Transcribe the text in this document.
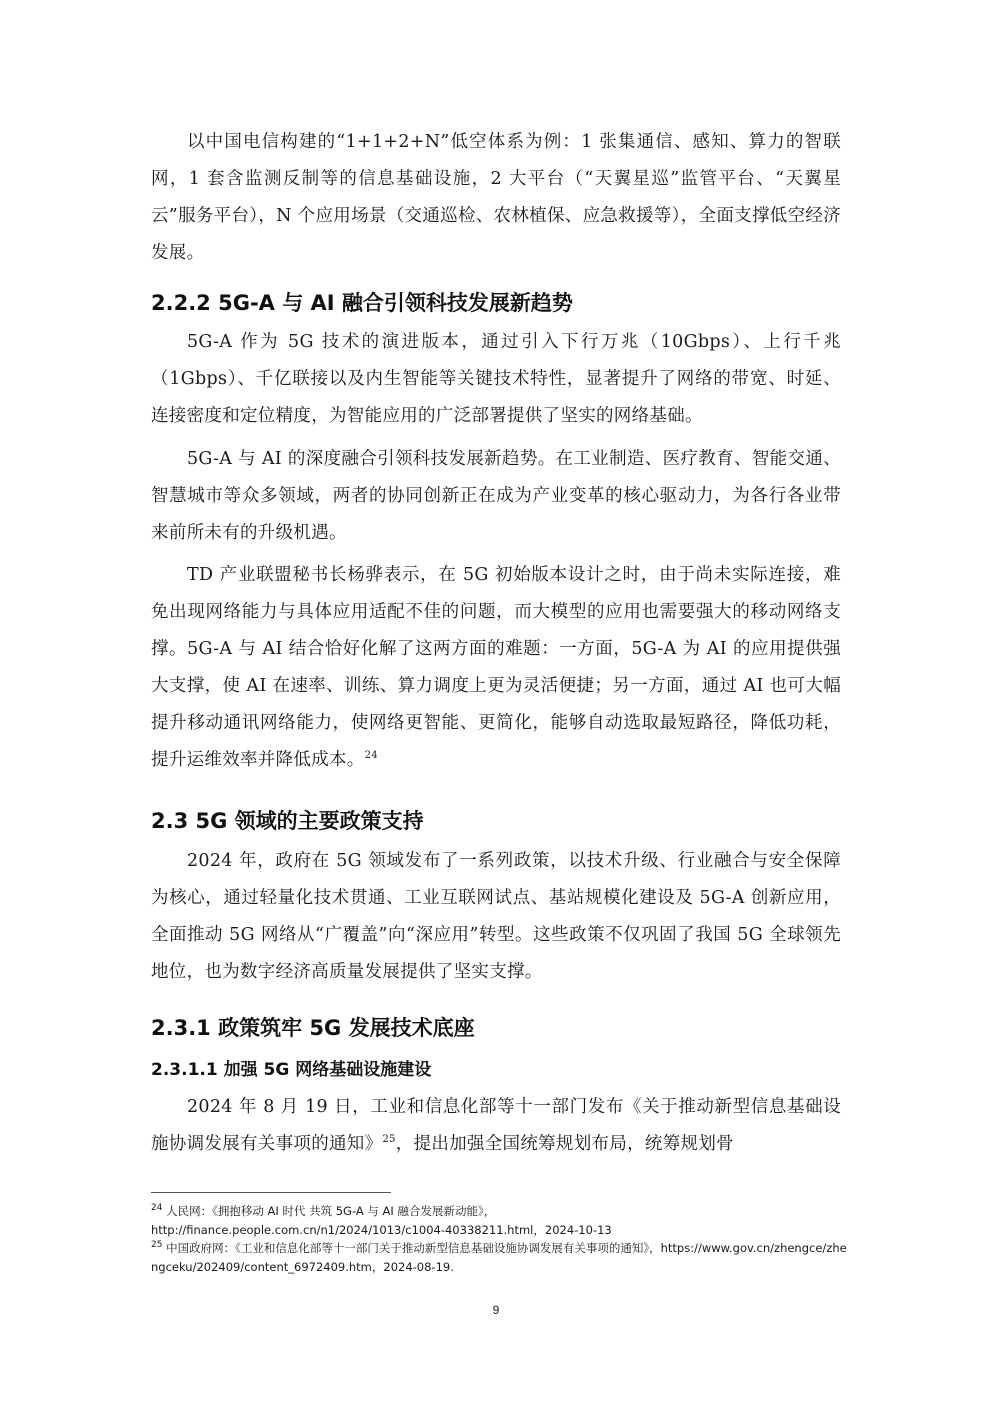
以中国电信构建的“1+1+2+N”低空体系为例：1 张集通信、感知、算力的智联网，1 套含监测反制等的信息基础设施，2 大平台（“天翼星巡”监管平台、“天翼星云”服务平台），N 个应用场景（交通巡检、农林植保、应急救援等），全面支撑低空经济发展。

2.2.2 5G-A 与 AI 融合引领科技发展新趋势

5G-A 作为 5G 技术的演进版本，通过引入下行万兆（10Gbps）、上行千兆（1Gbps）、千亿联接以及内生智能等关键技术特性，显著提升了网络的带宽、时延、连接密度和定位精度，为智能应用的广泛部署提供了坚实的网络基础。

5G-A 与 AI 的深度融合引领科技发展新趋势。在工业制造、医疗教育、智能交通、智慧城市等众多领域，两者的协同创新正在成为产业变革的核心驱动力，为各行各业带来前所未有的升级机遇。

TD 产业联盟秘书长杨骅表示，在 5G 初始版本设计之时，由于尚未实际连接，难免出现网络能力与具体应用适配不佳的问题，而大模型的应用也需要强大的移动网络支撑。5G-A 与 AI 结合恰好化解了这两方面的难题：一方面，5G-A 为 AI 的应用提供强大支撑，使 AI 在速率、训练、算力调度上更为灵活便捷；另一方面，通过 AI 也可大幅提升移动通讯网络能力，使网络更智能、更简化，能够自动选取最短路径，降低功耗，提升运维效率并降低成本。$^{24}$

2.3 5G 领域的主要政策支持

2024 年，政府在 5G 领域发布了一系列政策，以技术升级、行业融合与安全保障为核心，通过轻量化技术贯通、工业互联网试点、基站规模化建设及 5G-A 创新应用，全面推动 5G 网络从“广覆盖”向“深应用”转型。这些政策不仅巩固了我国 5G 全球领先地位，也为数字经济高质量发展提供了坚实支撑。

2.3.1 政策筑牢 5G 发展技术底座
2.3.1.1 加强 5G 网络基础设施建设

2024 年 8 月 19 日，工业和信息化部等十一部门发布《关于推动新型信息基础设施协调发展有关事项的通知》$^{25}$，提出加强全国统筹规划布局，统筹规划骨

$^{24}$ 人民网：《拥抱移动 AI 时代 共筑 5G-A 与 AI 融合发展新动能》，
http://finance.people.com.cn/n1/2024/1013/c1004-40338211.html，2024-10-13

$^{25}$ 中国政府网：《工业和信息化部等十一部门关于推动新型信息基础设施协调发展有关事项的通知》，https://www.gov.cn/zhengce/zhengceku/202409/content_6972409.htm，2024-08-19.

9
